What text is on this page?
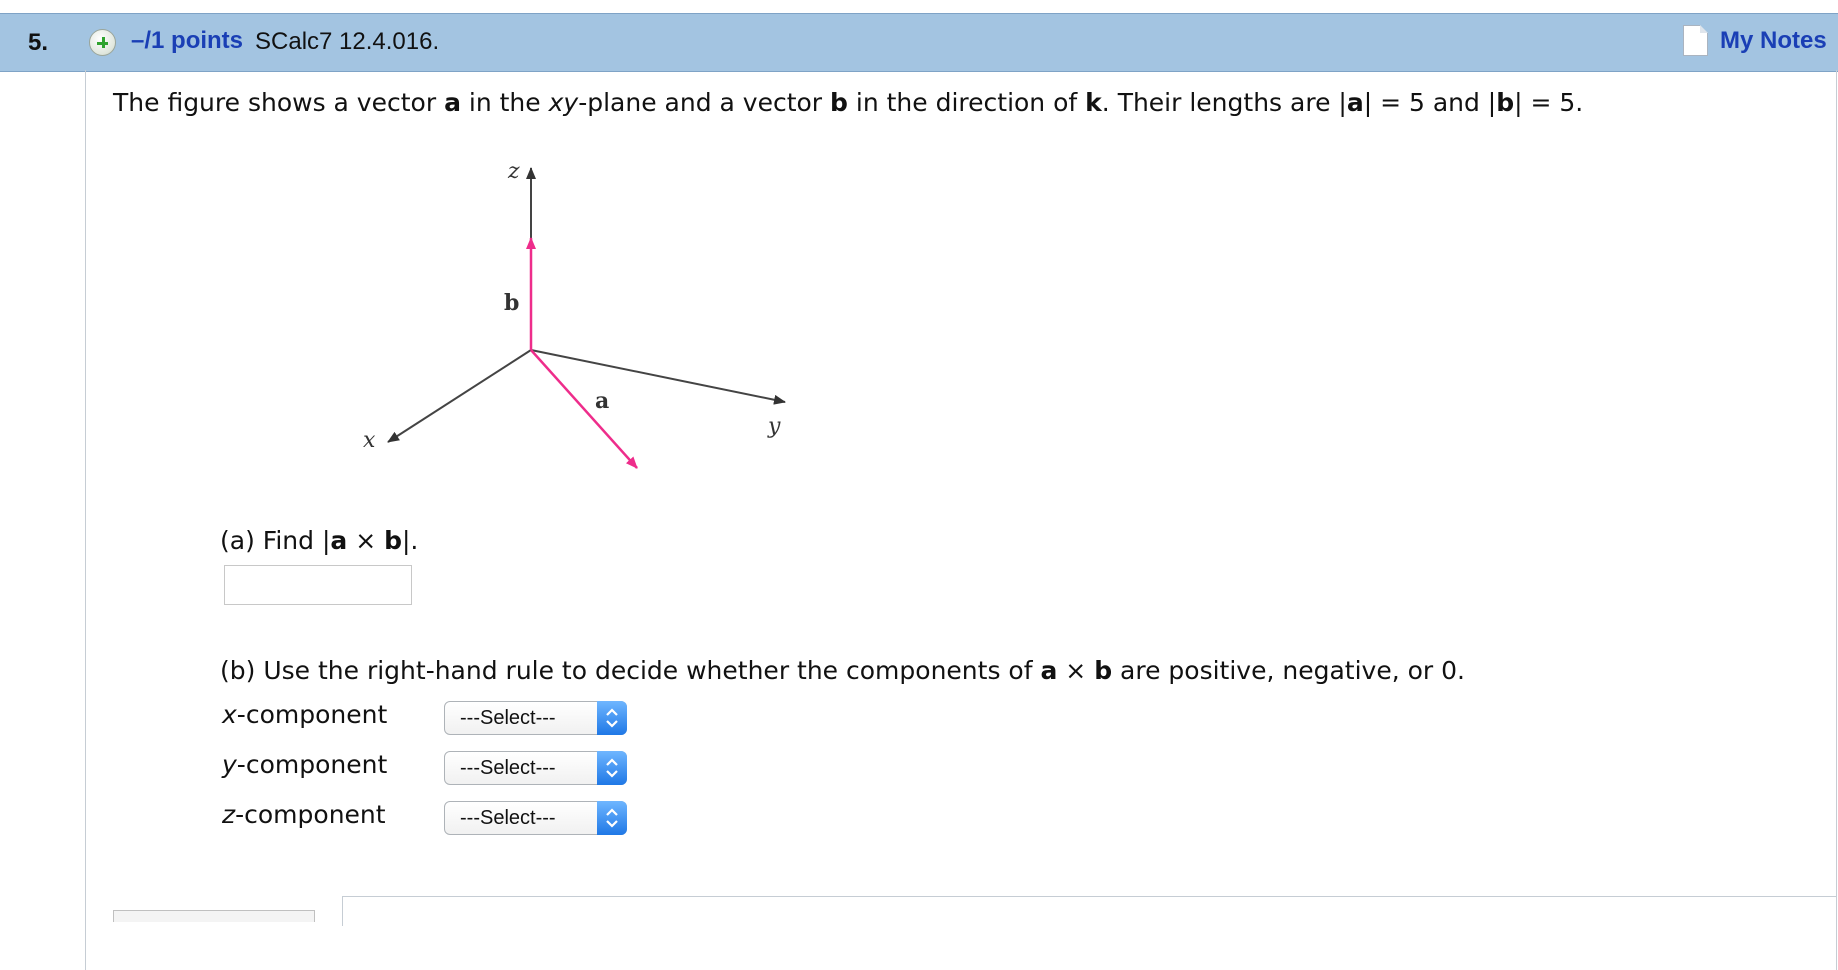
5.	–/1 points SCalc7 12.4.016.	My Notes
The figure shows a vector a in the xy-plane and a vector b in the direction of k. Their lengths are |a| = 5 and |b| = 5.
z
x
y
b
a
(a) Find |a × b|.
(b) Use the right-hand rule to decide whether the components of a × b are positive, negative, or 0.
x-component	---Select---
y-component	---Select---
z-component	---Select---
